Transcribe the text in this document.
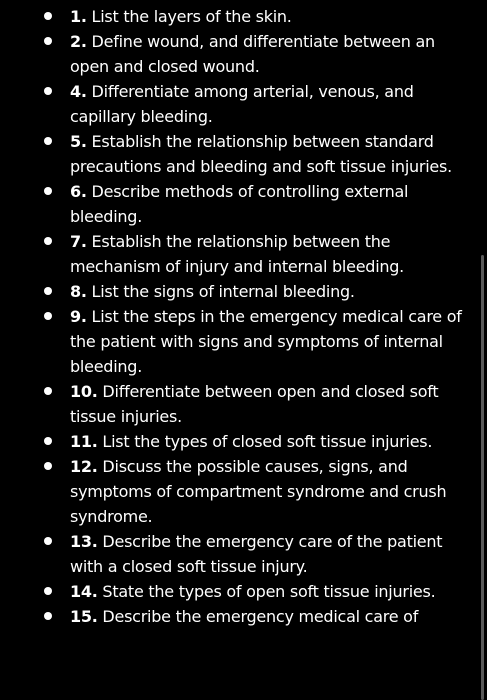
1. List the layers of the skin.
2. Define wound, and differentiate between an open and closed wound.
4. Differentiate among arterial, venous, and capillary bleeding.
5. Establish the relationship between standard precautions and bleeding and soft tissue injuries.
6. Describe methods of controlling external bleeding.
7. Establish the relationship between the mechanism of injury and internal bleeding.
8. List the signs of internal bleeding.
9. List the steps in the emergency medical care of the patient with signs and symptoms of internal bleeding.
10. Differentiate between open and closed soft tissue injuries.
11. List the types of closed soft tissue injuries.
12. Discuss the possible causes, signs, and symptoms of compartment syndrome and crush syndrome.
13. Describe the emergency care of the patient with a closed soft tissue injury.
14. State the types of open soft tissue injuries.
15. Describe the emergency medical care of
